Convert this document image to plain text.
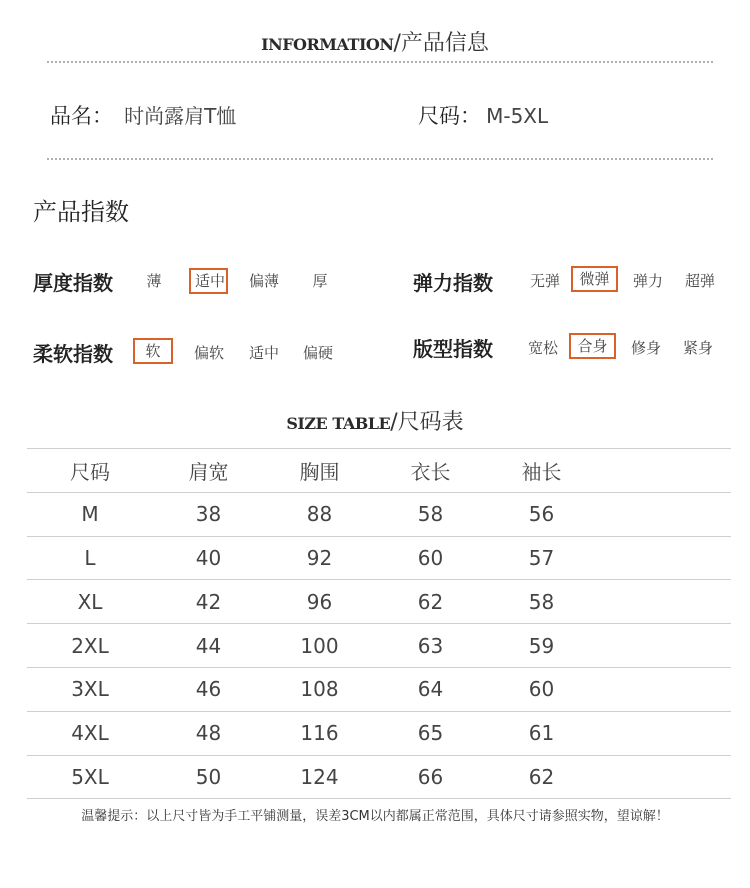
INFORMATION/产品信息
品名： 时尚露肩T恤	尺码： M-5XL
产品指数
厚度指数	薄	适中	偏薄	厚	弹力指数	无弹	微弹	弹力	超弹
柔软指数	软	偏软	适中	偏硬	版型指数	宽松	合身	修身	紧身
SIZE TABLE/尺码表
尺码	肩宽	胸围	衣长	袖长	
M	38	88	58	56	
L	40	92	60	57	
XL	42	96	62	58	
2XL	44	100	63	59	
3XL	46	108	64	60	
4XL	48	116	65	61	
5XL	50	124	66	62	
温馨提示：以上尺寸皆为手工平铺测量，误差3CM以内都属正常范围，具体尺寸请参照实物，望谅解！
